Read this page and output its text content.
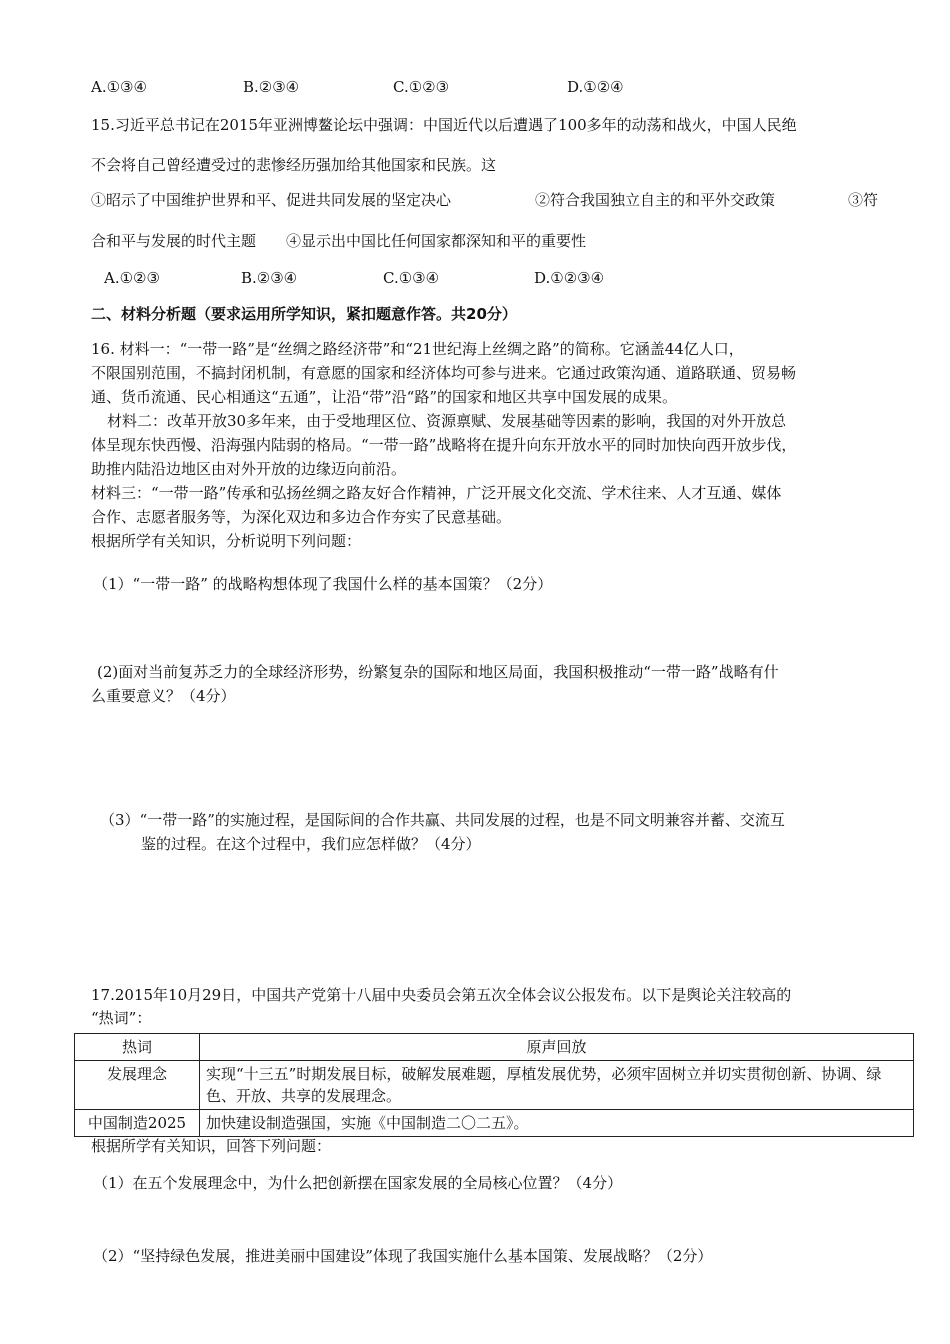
A.①③④	B.②③④	C.①②③	D.①②④
15.习近平总书记在2015年亚洲博鳌论坛中强调：中国近代以后遭遇了100多年的动荡和战火，中国人民绝
不会将自己曾经遭受过的悲惨经历强加给其他国家和民族。这
①昭示了中国维护世界和平、促进共同发展的坚定决心	②符合我国独立自主的和平外交政策	③符
合和平与发展的时代主题　　④显示出中国比任何国家都深知和平的重要性
A.①②③	B.②③④	C.①③④	D.①②③④
二、材料分析题（要求运用所学知识，紧扣题意作答。共20分）
16. 材料一：“一带一路”是“丝绸之路经济带”和“21世纪海上丝绸之路”的简称。它涵盖44亿人口，
不限国别范围，不搞封闭机制，有意愿的国家和经济体均可参与进来。它通过政策沟通、道路联通、贸易畅
通、货币流通、民心相通这“五通”，让沿“带”沿“路”的国家和地区共享中国发展的成果。
材料二：改革开放30多年来，由于受地理区位、资源禀赋、发展基础等因素的影响，我国的对外开放总
体呈现东快西慢、沿海强内陆弱的格局。“一带一路”战略将在提升向东开放水平的同时加快向西开放步伐，
助推内陆沿边地区由对外开放的边缘迈向前沿。
材料三：“一带一路”传承和弘扬丝绸之路友好合作精神，广泛开展文化交流、学术往来、人才互通、媒体
合作、志愿者服务等，为深化双边和多边合作夯实了民意基础。
根据所学有关知识，分析说明下列问题：
（1）“一带一路” 的战略构想体现了我国什么样的基本国策？（2分）
(2)面对当前复苏乏力的全球经济形势，纷繁复杂的国际和地区局面，我国积极推动“一带一路”战略有什
么重要意义？（4分）
（3）“一带一路”的实施过程，是国际间的合作共赢、共同发展的过程，也是不同文明兼容并蓄、交流互
鉴的过程。在这个过程中，我们应怎样做？（4分）
17.2015年10月29日，中国共产党第十八届中央委员会第五次全体会议公报发布。以下是舆论关注较高的
“热词”：
热词	原声回放
发展理念	实现“十三五”时期发展目标，破解发展难题，厚植发展优势，必须牢固树立并切实贯彻创新、协调、绿色、开放、共享的发展理念。
中国制造2025	加快建设制造强国，实施《中国制造二〇二五》。
根据所学有关知识，回答下列问题：
（1）在五个发展理念中，为什么把创新摆在国家发展的全局核心位置？（4分）
（2）“坚持绿色发展，推进美丽中国建设”体现了我国实施什么基本国策、发展战略？（2分）
